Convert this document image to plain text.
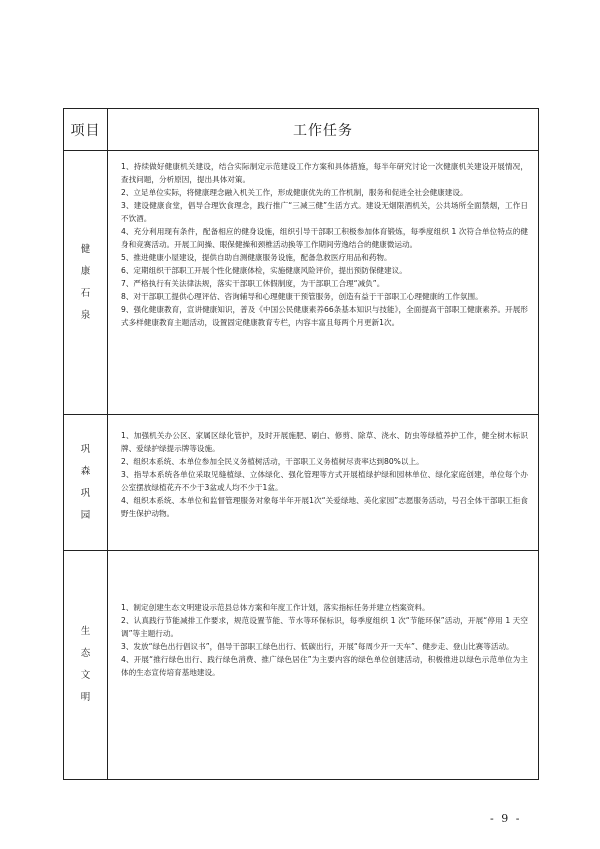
项目	工作任务
健 康
石 泉

1、持续做好健康机关建设，结合实际制定示范建设工作方案和具体措施，每半年研究讨论一次健康机关建设开展情况，查找问题，分析原因，提出具体对策。

2、立足单位实际，将健康理念融入机关工作，形成健康优先的工作机制，服务和促进全社会健康建设。

3、建设健康食堂，倡导合理饮食理念，践行推广“三减三健”生活方式。建设无烟限酒机关，公共场所全面禁烟，工作日不饮酒。

4、充分利用现有条件，配备相应的健身设施，组织引导干部职工积极参加体育锻炼，每季度组织 1 次符合单位特点的健身和竞赛活动。开展工间操、眼保健操和颈椎活动换等工作期间劳逸结合的健康微运动。

5、推进健康小屋建设，提供自助自测健康服务设施，配备急救医疗用品和药物。

6、定期组织干部职工开展个性化健康体检，实施健康风险评价，提出预防保健建议。

7、严格执行有关法律法规，落实干部职工休假制度，为干部职工合理“减负”。

8、对干部职工提供心理评估、咨询辅导和心理健康干预管服务，创造有益于干部职工心理健康的工作氛围。

9、强化健康教育，宣讲健康知识，普及《中国公民健康素养66条基本知识与技能》，全面提高干部职工健康素养。开展形式多样健康教育主题活动，设置固定健康教育专栏，内容丰富且每两个月更新1次。

巩 森
巩 园

1、加强机关办公区、家属区绿化管护，及时开展施肥、刷白、修剪、除草、浇水、防虫等绿植养护工作，健全树木标识牌、爱绿护绿提示牌等设施。

2、组织本系统、本单位参加全民义务植树活动，干部职工义务植树尽责率达到80%以上。

3、指导本系统各单位采取见缝植绿、立体绿化、强化管理等方式开展植绿护绿和园林单位、绿化家庭创建，单位每个办公室摆放绿植花卉不少于3盆或人均不少于1盆。

4、组织本系统、本单位和监督管理服务对象每半年开展1次“关爱绿地、美化家园”志愿服务活动，号召全体干部职工拒食野生保护动物。

生 态
文 明

1、制定创建生态文明建设示范县总体方案和年度工作计划，落实指标任务并建立档案资料。

2、认真践行节能减排工作要求，规范设置节能、节水等环保标识，每季度组织 1 次“节能环保”活动，开展“停用 1 天空调”等主题行动。

3、发放“绿色出行倡议书”，倡导干部职工绿色出行、低碳出行，开展“每周少开一天车”、健步走、登山比赛等活动。

4、开展“推行绿色出行、践行绿色消费、推广绿色居住”为主要内容的绿色单位创建活动，积极推进以绿色示范单位为主体的生态宣传培育基地建设。

- 9 -
